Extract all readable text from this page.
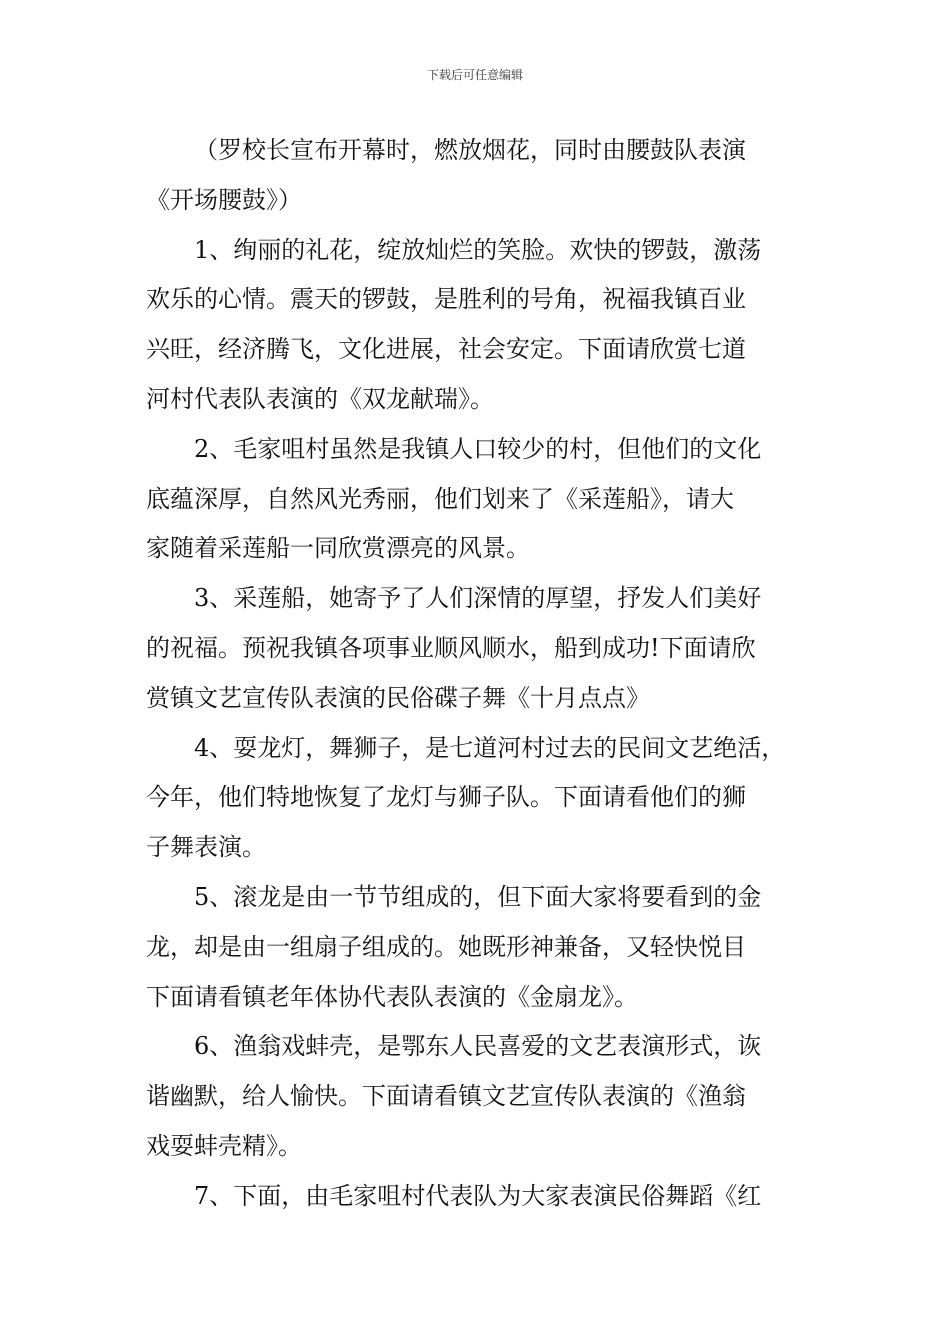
下载后可任意编辑

（罗校长宣布开幕时，燃放烟花，同时由腰鼓队表演
《开场腰鼓》）

1、绚丽的礼花，绽放灿烂的笑脸。欢快的锣鼓，激荡
欢乐的心情。震天的锣鼓，是胜利的号角，祝福我镇百业
兴旺，经济腾飞，文化进展，社会安定。下面请欣赏七道
河村代表队表演的《双龙献瑞》。

2、毛家咀村虽然是我镇人口较少的村，但他们的文化
底蕴深厚，自然风光秀丽，他们划来了《采莲船》，请大
家随着采莲船一同欣赏漂亮的风景。

3、采莲船，她寄予了人们深情的厚望，抒发人们美好
的祝福。预祝我镇各项事业顺风顺水，船到成功!下面请欣
赏镇文艺宣传队表演的民俗碟子舞《十月点点》

4、耍龙灯，舞狮子，是七道河村过去的民间文艺绝活，
今年，他们特地恢复了龙灯与狮子队。下面请看他们的狮
子舞表演。

5、滚龙是由一节节组成的，但下面大家将要看到的金
龙，却是由一组扇子组成的。她既形神兼备，又轻快悦目
下面请看镇老年体协代表队表演的《金扇龙》。

6、渔翁戏蚌壳，是鄂东人民喜爱的文艺表演形式，诙
谐幽默，给人愉快。下面请看镇文艺宣传队表演的《渔翁
戏耍蚌壳精》。

7、下面，由毛家咀村代表队为大家表演民俗舞蹈《红
